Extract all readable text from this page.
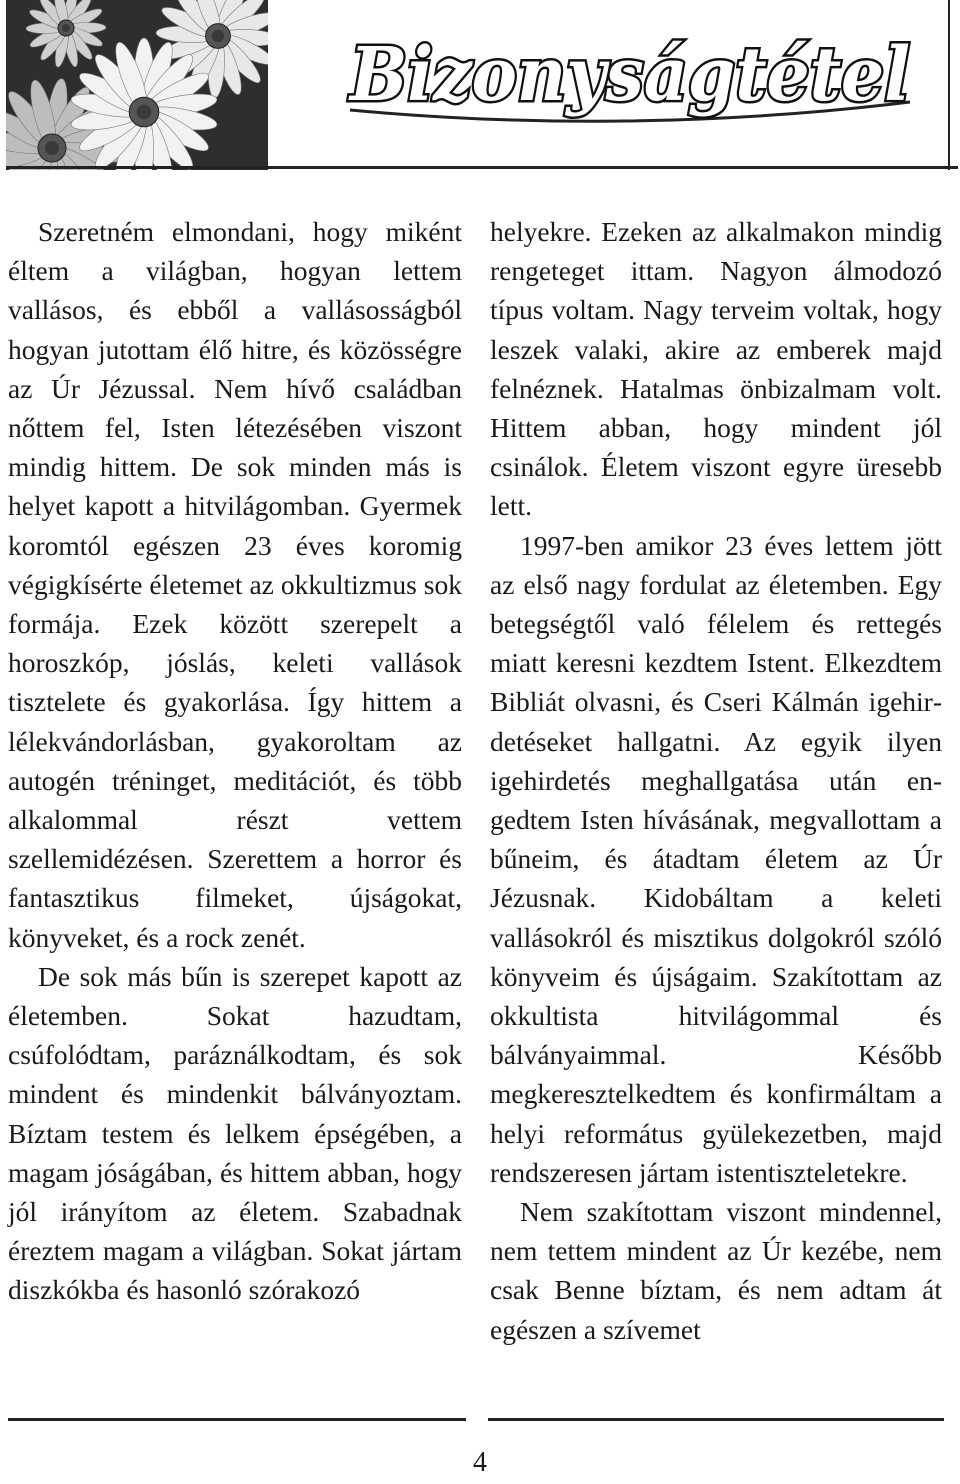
Bizonyságtétel

Szeretném elmondani, hogy miként éltem a világban, hogyan lettem vallásos, és ebből a vallásosságból hogyan jutottam élő hitre, és közösségre az Úr Jézussal. Nem hívő családban nőttem fel, Isten létezésében viszont mindig hittem. De sok minden más is helyet kapott a hitvilágomban. Gyermek koromtól egészen 23 éves koromig végigkísérte életemet az okkultizmus sok formája. Ezek között szerepelt a horoszkóp, jóslás, keleti vallások tisztelete és gyakorlása. Így hittem a lélekvándorlásban, gyakoroltam az autogén tréninget, meditációt, és több alkalommal részt vettem szellemidézésen. Szerettem a horror és fantasztikus filmeket, újságokat, könyveket, és a rock zenét.

De sok más bűn is szerepet kapott az életemben. Sokat hazudtam, csúfolódtam, paráználkodtam, és sok mindent és mindenkit bálványoztam. Bíztam testem és lelkem épségében, a magam jóságában, és hittem abban, hogy jól irányítom az életem. Szabadnak éreztem magam a világban. Sokat jártam diszkókba és hasonló szórakozó

helyekre. Ezeken az alkalmakon mindig rengeteget ittam. Nagyon álmodozó típus voltam. Nagy terveim voltak, hogy leszek valaki, akire az emberek majd felnéznek. Hatalmas önbizalmam volt. Hittem abban, hogy mindent jól csinálok. Életem viszont egyre üresebb lett.

1997-ben amikor 23 éves lettem jött az első nagy fordulat az életemben. Egy betegségtől való félelem és rettegés miatt keresni kezdtem Istent. Elkezdtem Bibliát olvasni, és Cseri Kálmán igehirdetéseket hallgatni. Az egyik ilyen igehirdetés meghallgatása után engedtem Isten hívásának, megvallottam a bűneim, és átadtam életem az Úr Jézusnak. Kidobáltam a keleti vallásokról és misztikus dolgokról szóló könyveim és újságaim. Szakítottam az okkultista hitvilágommal és bálványaimmal. Később megkeresztelkedtem és konfirmáltam a helyi református gyülekezetben, majd rendszeresen jártam istentiszteletekre.

Nem szakítottam viszont mindennel, nem tettem mindent az Úr kezébe, nem csak Benne bíztam, és nem adtam át egészen a szívemet

4
